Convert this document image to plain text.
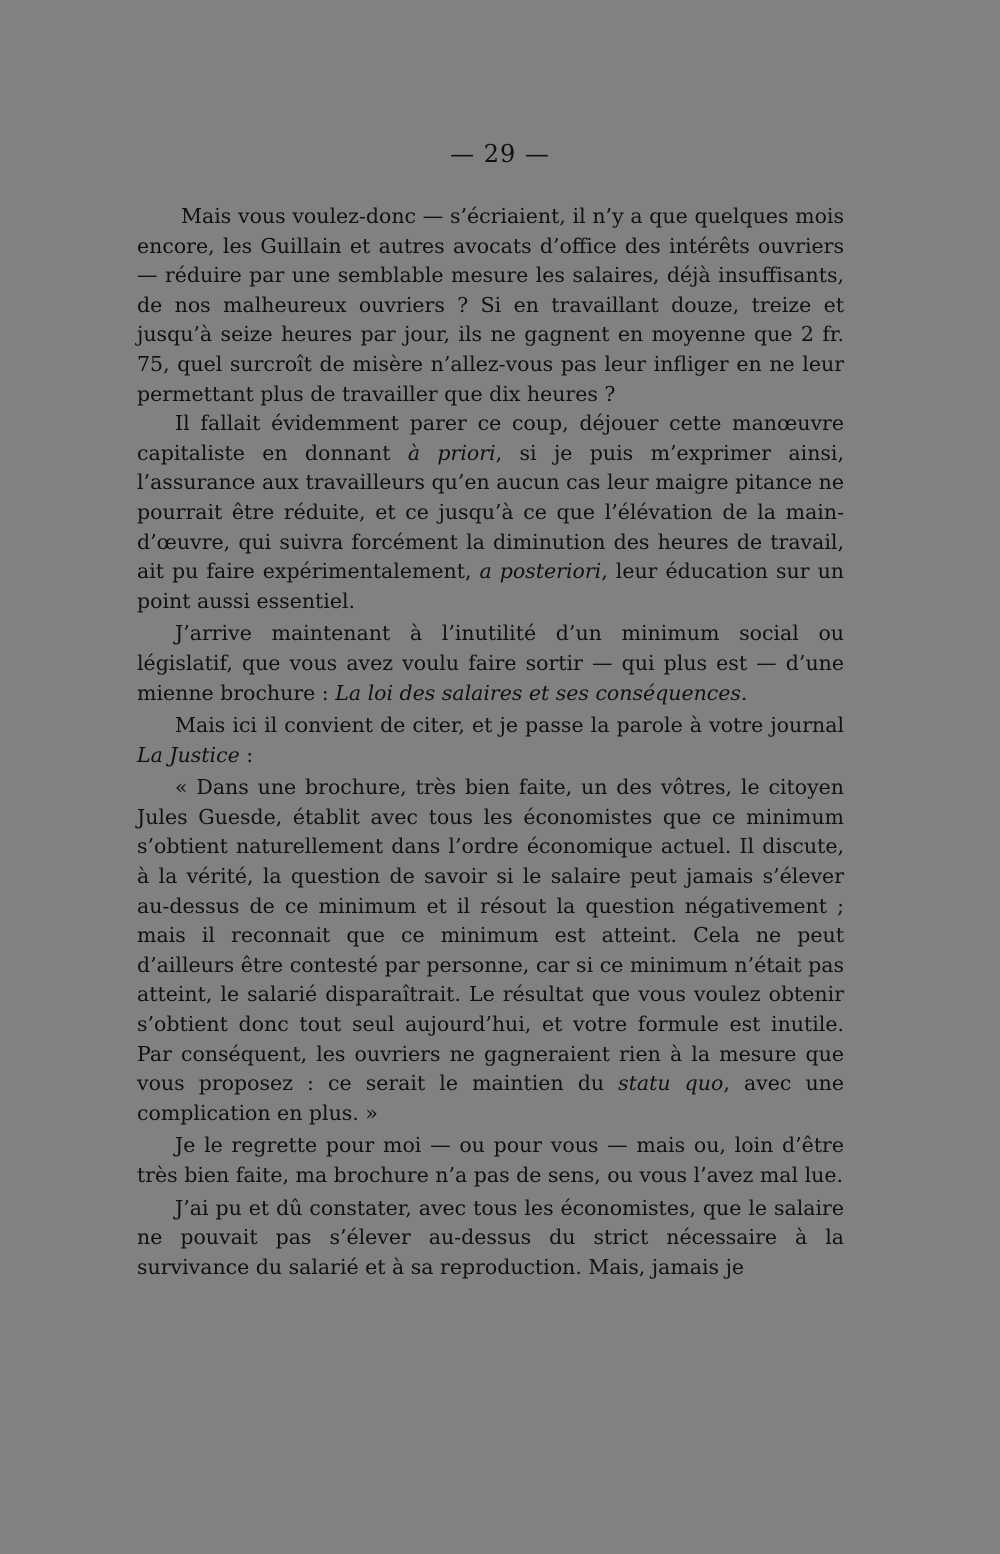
— 29 —

Mais vous voulez-donc — s’écriaient, il n’y a que quelques mois encore, les Guillain et autres avocats d’office des intérêts ouvriers — réduire par une semblable mesure les salaires, déjà insuffisants, de nos malheureux ouvriers ? Si en travaillant douze, treize et jusqu’à seize heures par jour, ils ne gagnent en moyenne que 2 fr. 75, quel surcroît de misère n’allez-vous pas leur infliger en ne leur permettant plus de travailler que dix heures ?

Il fallait évidemment parer ce coup, déjouer cette manœuvre capitaliste en donnant à priori, si je puis m’exprimer ainsi, l’assurance aux travailleurs qu’en aucun cas leur maigre pitance ne pourrait être réduite, et ce jusqu’à ce que l’élévation de la main-d’œuvre, qui suivra forcément la diminution des heures de travail, ait pu faire expérimentalement, a posteriori, leur éducation sur un point aussi essentiel.

J’arrive maintenant à l’inutilité d’un minimum social ou législatif, que vous avez voulu faire sortir — qui plus est — d’une mienne brochure : La loi des salaires et ses conséquences.

Mais ici il convient de citer, et je passe la parole à votre journal La Justice :

« Dans une brochure, très bien faite, un des vôtres, le citoyen Jules Guesde, établit avec tous les économistes que ce minimum s’obtient naturellement dans l’ordre économique actuel. Il discute, à la vérité, la question de savoir si le salaire peut jamais s’élever au-dessus de ce minimum et il résout la question négativement ; mais il reconnait que ce minimum est atteint. Cela ne peut d’ailleurs être contesté par personne, car si ce minimum n’était pas atteint, le salarié disparaîtrait. Le résultat que vous voulez obtenir s’obtient donc tout seul aujourd’hui, et votre formule est inutile. Par conséquent, les ouvriers ne gagneraient rien à la mesure que vous proposez : ce serait le maintien du statu quo, avec une complication en plus. »

Je le regrette pour moi — ou pour vous — mais ou, loin d’être très bien faite, ma brochure n’a pas de sens, ou vous l’avez mal lue.

J’ai pu et dû constater, avec tous les économistes, que le salaire ne pouvait pas s’élever au-dessus du strict nécessaire à la survivance du salarié et à sa reproduction. Mais, jamais je
